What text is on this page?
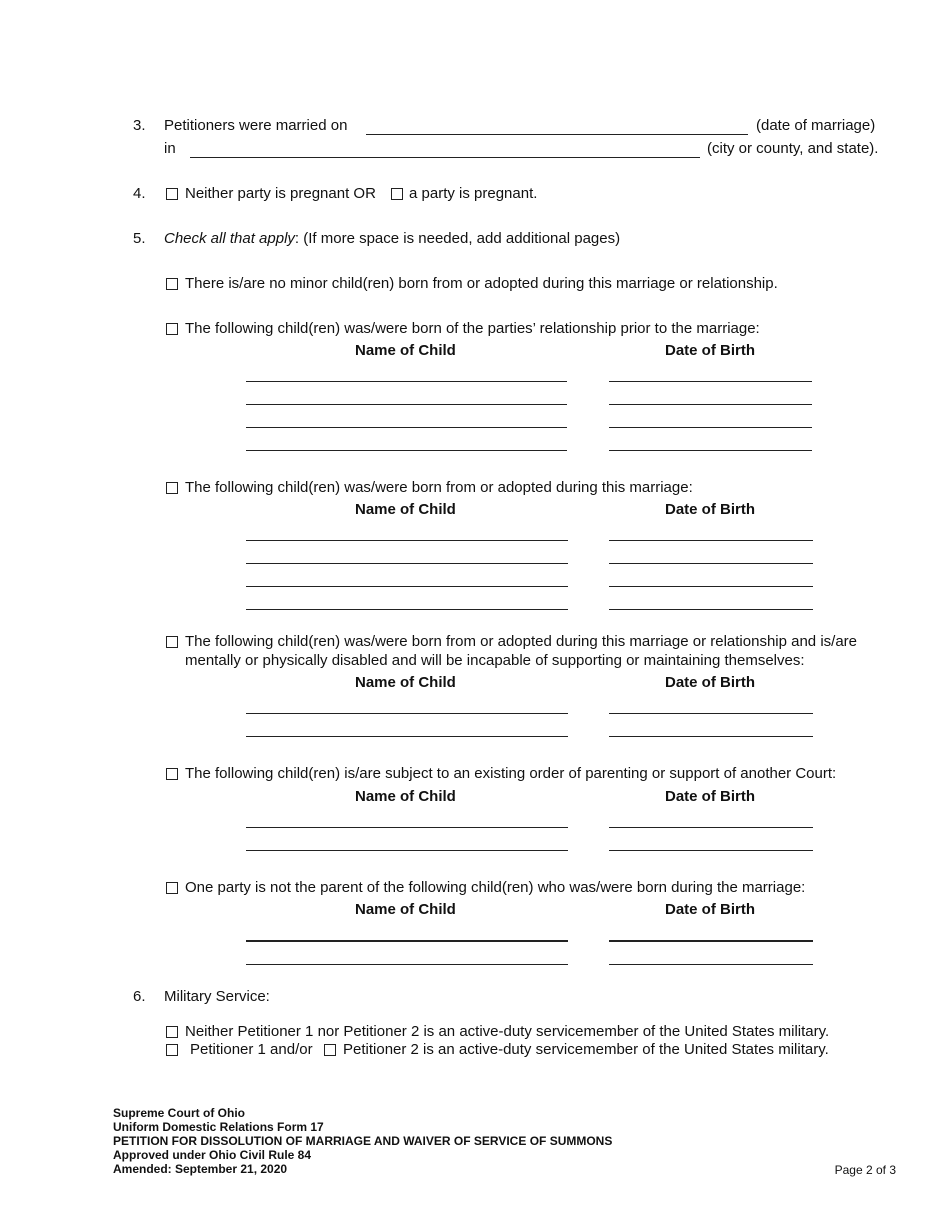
3. Petitioners were married on	(date of marriage)
in	(city or county, and state).
4.	Neither party is pregnant OR a party is pregnant.
5. Check all that apply: (If more space is needed, add additional pages)
There is/are no minor child(ren) born from or adopted during this marriage or relationship.
The following child(ren) was/were born of the parties’ relationship prior to the marriage:
Name of Child	Date of Birth
The following child(ren) was/were born from or adopted during this marriage:
Name of Child	Date of Birth
The following child(ren) was/were born from or adopted during this marriage or relationship and is/are
mentally or physically disabled and will be incapable of supporting or maintaining themselves:
Name of Child	Date of Birth
The following child(ren) is/are subject to an existing order of parenting or support of another Court:
Name of Child	Date of Birth
One party is not the parent of the following child(ren) who was/were born during the marriage:
Name of Child	Date of Birth
6. Military Service:
Neither Petitioner 1 nor Petitioner 2 is an active-duty servicemember of the United States military.
Petitioner 1 and/or Petitioner 2 is an active-duty servicemember of the United States military.
Supreme Court of Ohio
Uniform Domestic Relations Form 17
PETITION FOR DISSOLUTION OF MARRIAGE AND WAIVER OF SERVICE OF SUMMONS
Approved under Ohio Civil Rule 84
Amended: September 21, 2020	Page 2 of 3
